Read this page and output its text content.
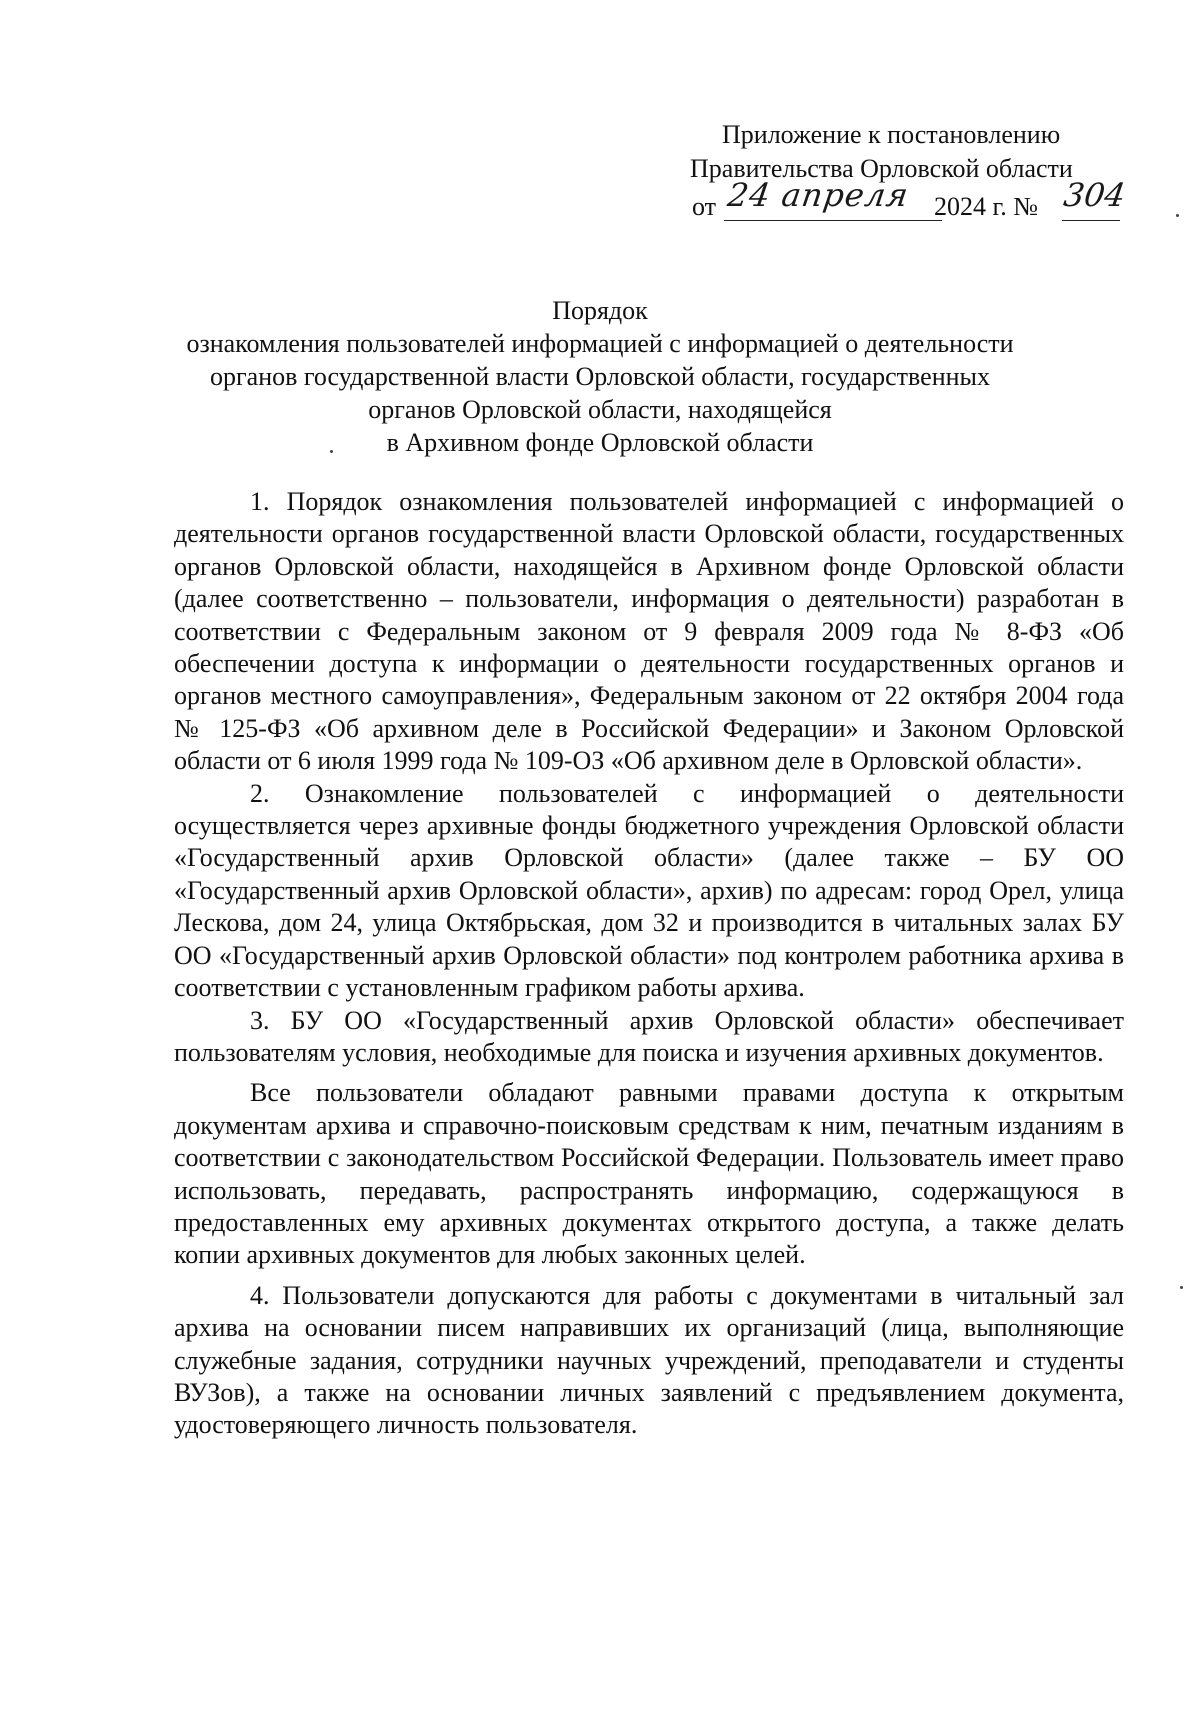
Приложение к постановлению
Правительства Орловской области
от 24 апреля 2024 г. № 304
Порядок
ознакомления пользователей информацией с информацией о деятельности
органов государственной власти Орловской области, государственных
органов Орловской области, находящейся
в Архивном фонде Орловской области

1. Порядок ознакомления пользователей информацией с информацией о деятельности органов государственной власти Орловской области, государственных органов Орловской области, находящейся в Архивном фонде Орловской области (далее соответственно – пользователи, информация о деятельности) разработан в соответствии с Федеральным законом от 9 февраля 2009 года № 8-ФЗ «Об обеспечении доступа к информации о деятельности государственных органов и органов местного самоуправления», Федеральным законом от 22 октября 2004 года № 125-ФЗ «Об архивном деле в Российской Федерации» и Законом Орловской области от 6 июля 1999 года № 109-ОЗ «Об архивном деле в Орловской области».

2. Ознакомление пользователей с информацией о деятельности осуществляется через архивные фонды бюджетного учреждения Орловской области «Государственный архив Орловской области» (далее также – БУ ОО «Государственный архив Орловской области», архив) по адресам: город Орел, улица Лескова, дом 24, улица Октябрьская, дом 32 и производится в читальных залах БУ ОО «Государственный архив Орловской области» под контролем работника архива в соответствии с установленным графиком работы архива.

3. БУ ОО «Государственный архив Орловской области» обеспечивает пользователям условия, необходимые для поиска и изучения архивных документов.

Все пользователи обладают равными правами доступа к открытым документам архива и справочно-поисковым средствам к ним, печатным изданиям в соответствии с законодательством Российской Федерации. Пользователь имеет право использовать, передавать, распространять информацию, содержащуюся в предоставленных ему архивных документах открытого доступа, а также делать копии архивных документов для любых законных целей.

4. Пользователи допускаются для работы с документами в читальный зал архива на основании писем направивших их организаций (лица, выполняющие служебные задания, сотрудники научных учреждений, преподаватели и студенты ВУЗов), а также на основании личных заявлений с предъявлением документа, удостоверяющего личность пользователя.
